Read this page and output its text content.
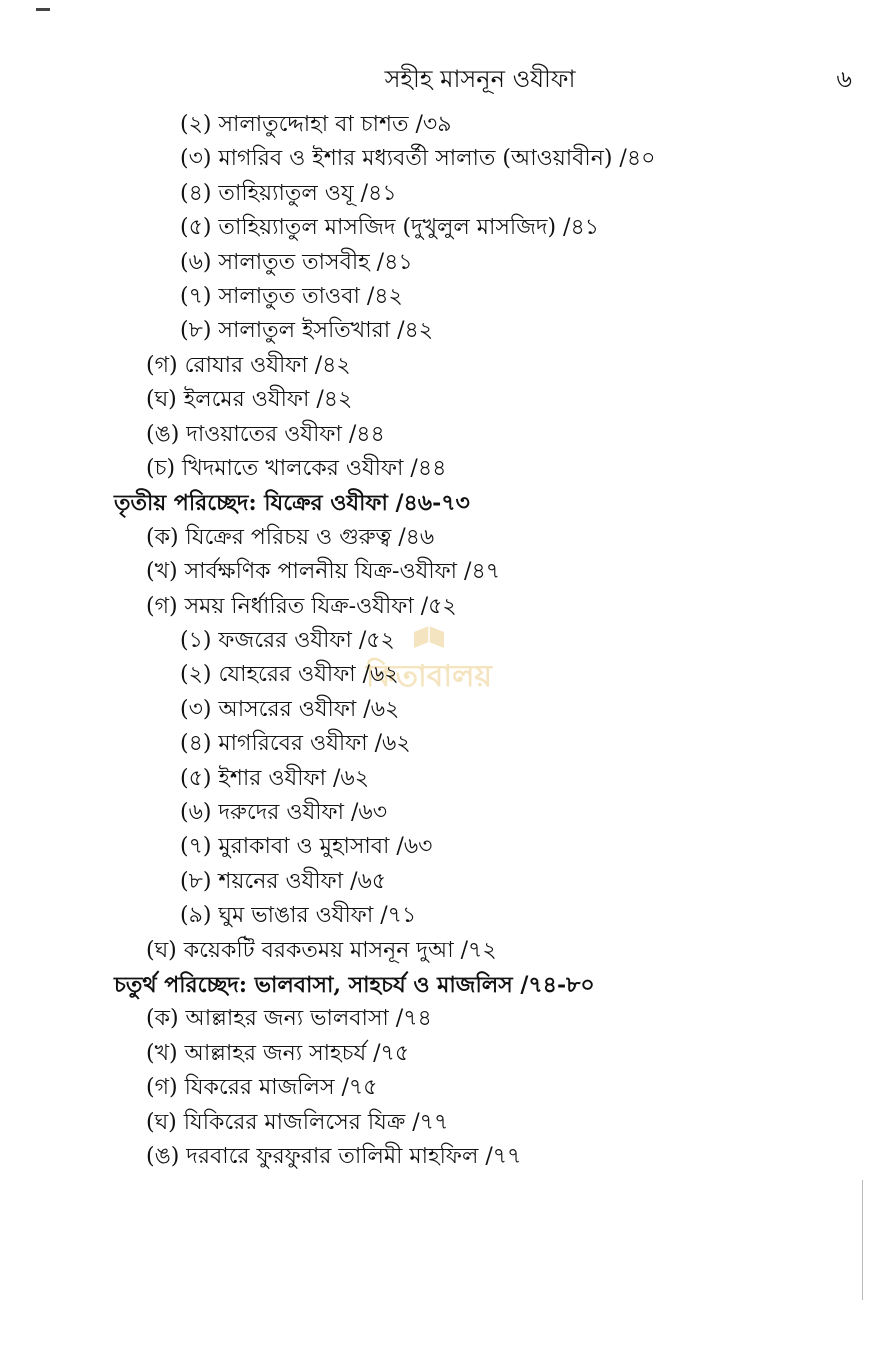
সহীহ মাসনূন ওযীফা	৬
কিতাবালয়
(২) সালাতুদ্দোহা বা চাশত /৩৯
(৩) মাগরিব ও ইশার মধ্যবর্তী সালাত (আওয়াবীন) /৪০
(৪) তাহিয়্যাতুল ওযূ /৪১
(৫) তাহিয়্যাতুল মাসজিদ (দুখুলুল মাসজিদ) /৪১
(৬) সালাতুত তাসবীহ /৪১
(৭) সালাতুত তাওবা /৪২
(৮) সালাতুল ইসতিখারা /৪২
(গ) রোযার ওযীফা /৪২
(ঘ) ইলমের ওযীফা /৪২
(ঙ) দাওয়াতের ওযীফা /৪৪
(চ) খিদমাতে খালকের ওযীফা /৪৪
তৃতীয় পরিচ্ছেদ: যিক্রের ওযীফা /৪৬-৭৩
(ক) যিক্রের পরিচয় ও গুরুত্ব /৪৬
(খ) সার্বক্ষণিক পালনীয় যিক্র-ওযীফা /৪৭
(গ) সময় নির্ধারিত যিক্র-ওযীফা /৫২
(১) ফজরের ওযীফা /৫২
(২) যোহরের ওযীফা /৬২
(৩) আসরের ওযীফা /৬২
(৪) মাগরিবের ওযীফা /৬২
(৫) ইশার ওযীফা /৬২
(৬) দরুদের ওযীফা /৬৩
(৭) মুরাকাবা ও মুহাসাবা /৬৩
(৮) শয়নের ওযীফা /৬৫
(৯) ঘুম ভাঙার ওযীফা /৭১
(ঘ) কয়েকটি বরকতময় মাসনূন দুআ /৭২
চতুর্থ পরিচ্ছেদ: ভালবাসা, সাহচর্য ও মাজলিস /৭৪-৮০
(ক) আল্লাহর জন্য ভালবাসা /৭৪
(খ) আল্লাহর জন্য সাহচর্য /৭৫
(গ) যিকরের মাজলিস /৭৫
(ঘ) যিকিরের মাজলিসের যিক্র /৭৭
(ঙ) দরবারে ফুরফুরার তালিমী মাহফিল /৭৭
